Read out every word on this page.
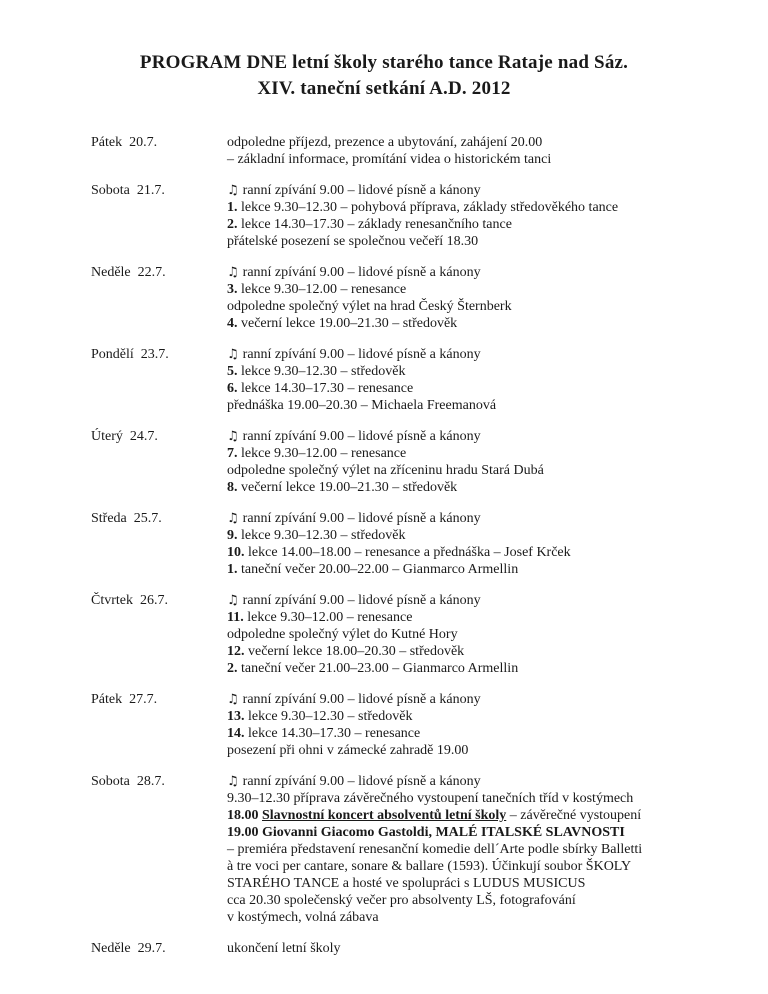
PROGRAM DNE letní školy starého tance Rataje nad Sáz.
XIV. taneční setkání A.D. 2012
Pátek 20.7.	odpoledne příjezd, prezence a ubytování, zahájení 20.00
– základní informace, promítání videa o historickém tanci
Sobota 21.7.	♫ ranní zpívání 9.00 – lidové písně a kánony
1. lekce 9.30–12.30 – pohybová příprava, základy středověkého tance
2. lekce 14.30–17.30 – základy renesančního tance
přátelské posezení se společnou večeří 18.30
Neděle 22.7.	♫ ranní zpívání 9.00 – lidové písně a kánony
3. lekce 9.30–12.00 – renesance
odpoledne společný výlet na hrad Český Šternberk
4. večerní lekce 19.00–21.30 – středověk
Pondělí 23.7.	♫ ranní zpívání 9.00 – lidové písně a kánony
5. lekce 9.30–12.30 – středověk
6. lekce 14.30–17.30 – renesance
přednáška 19.00–20.30 – Michaela Freemanová
Úterý 24.7.	♫ ranní zpívání 9.00 – lidové písně a kánony
7. lekce 9.30–12.00 – renesance
odpoledne společný výlet na zříceninu hradu Stará Dubá
8. večerní lekce 19.00–21.30 – středověk
Středa 25.7.	♫ ranní zpívání 9.00 – lidové písně a kánony
9. lekce 9.30–12.30 – středověk
10. lekce 14.00–18.00 – renesance a přednáška – Josef Krček
1. taneční večer 20.00–22.00 – Gianmarco Armellin
Čtvrtek 26.7.	♫ ranní zpívání 9.00 – lidové písně a kánony
11. lekce 9.30–12.00 – renesance
odpoledne společný výlet do Kutné Hory
12. večerní lekce 18.00–20.30 – středověk
2. taneční večer 21.00–23.00 – Gianmarco Armellin
Pátek 27.7.	♫ ranní zpívání 9.00 – lidové písně a kánony
13. lekce 9.30–12.30 – středověk
14. lekce 14.30–17.30 – renesance
posezení při ohni v zámecké zahradě 19.00
Sobota 28.7.	♫ ranní zpívání 9.00 – lidové písně a kánony
9.30–12.30 příprava závěrečného vystoupení tanečních tříd v kostýmech
18.00 Slavnostní koncert absolventů letní školy – závěrečné vystoupení
19.00 Giovanni Giacomo Gastoldi, MALÉ ITALSKÉ SLAVNOSTI
– premiéra představení renesanční komedie dell´Arte podle sbírky Balletti
à tre voci per cantare, sonare & ballare (1593). Účinkují soubor ŠKOLY
STARÉHO TANCE a hosté ve spolupráci s LUDUS MUSICUS
cca 20.30 společenský večer pro absolventy LŠ, fotografování
v kostýmech, volná zábava
Neděle 29.7.	ukončení letní školy
